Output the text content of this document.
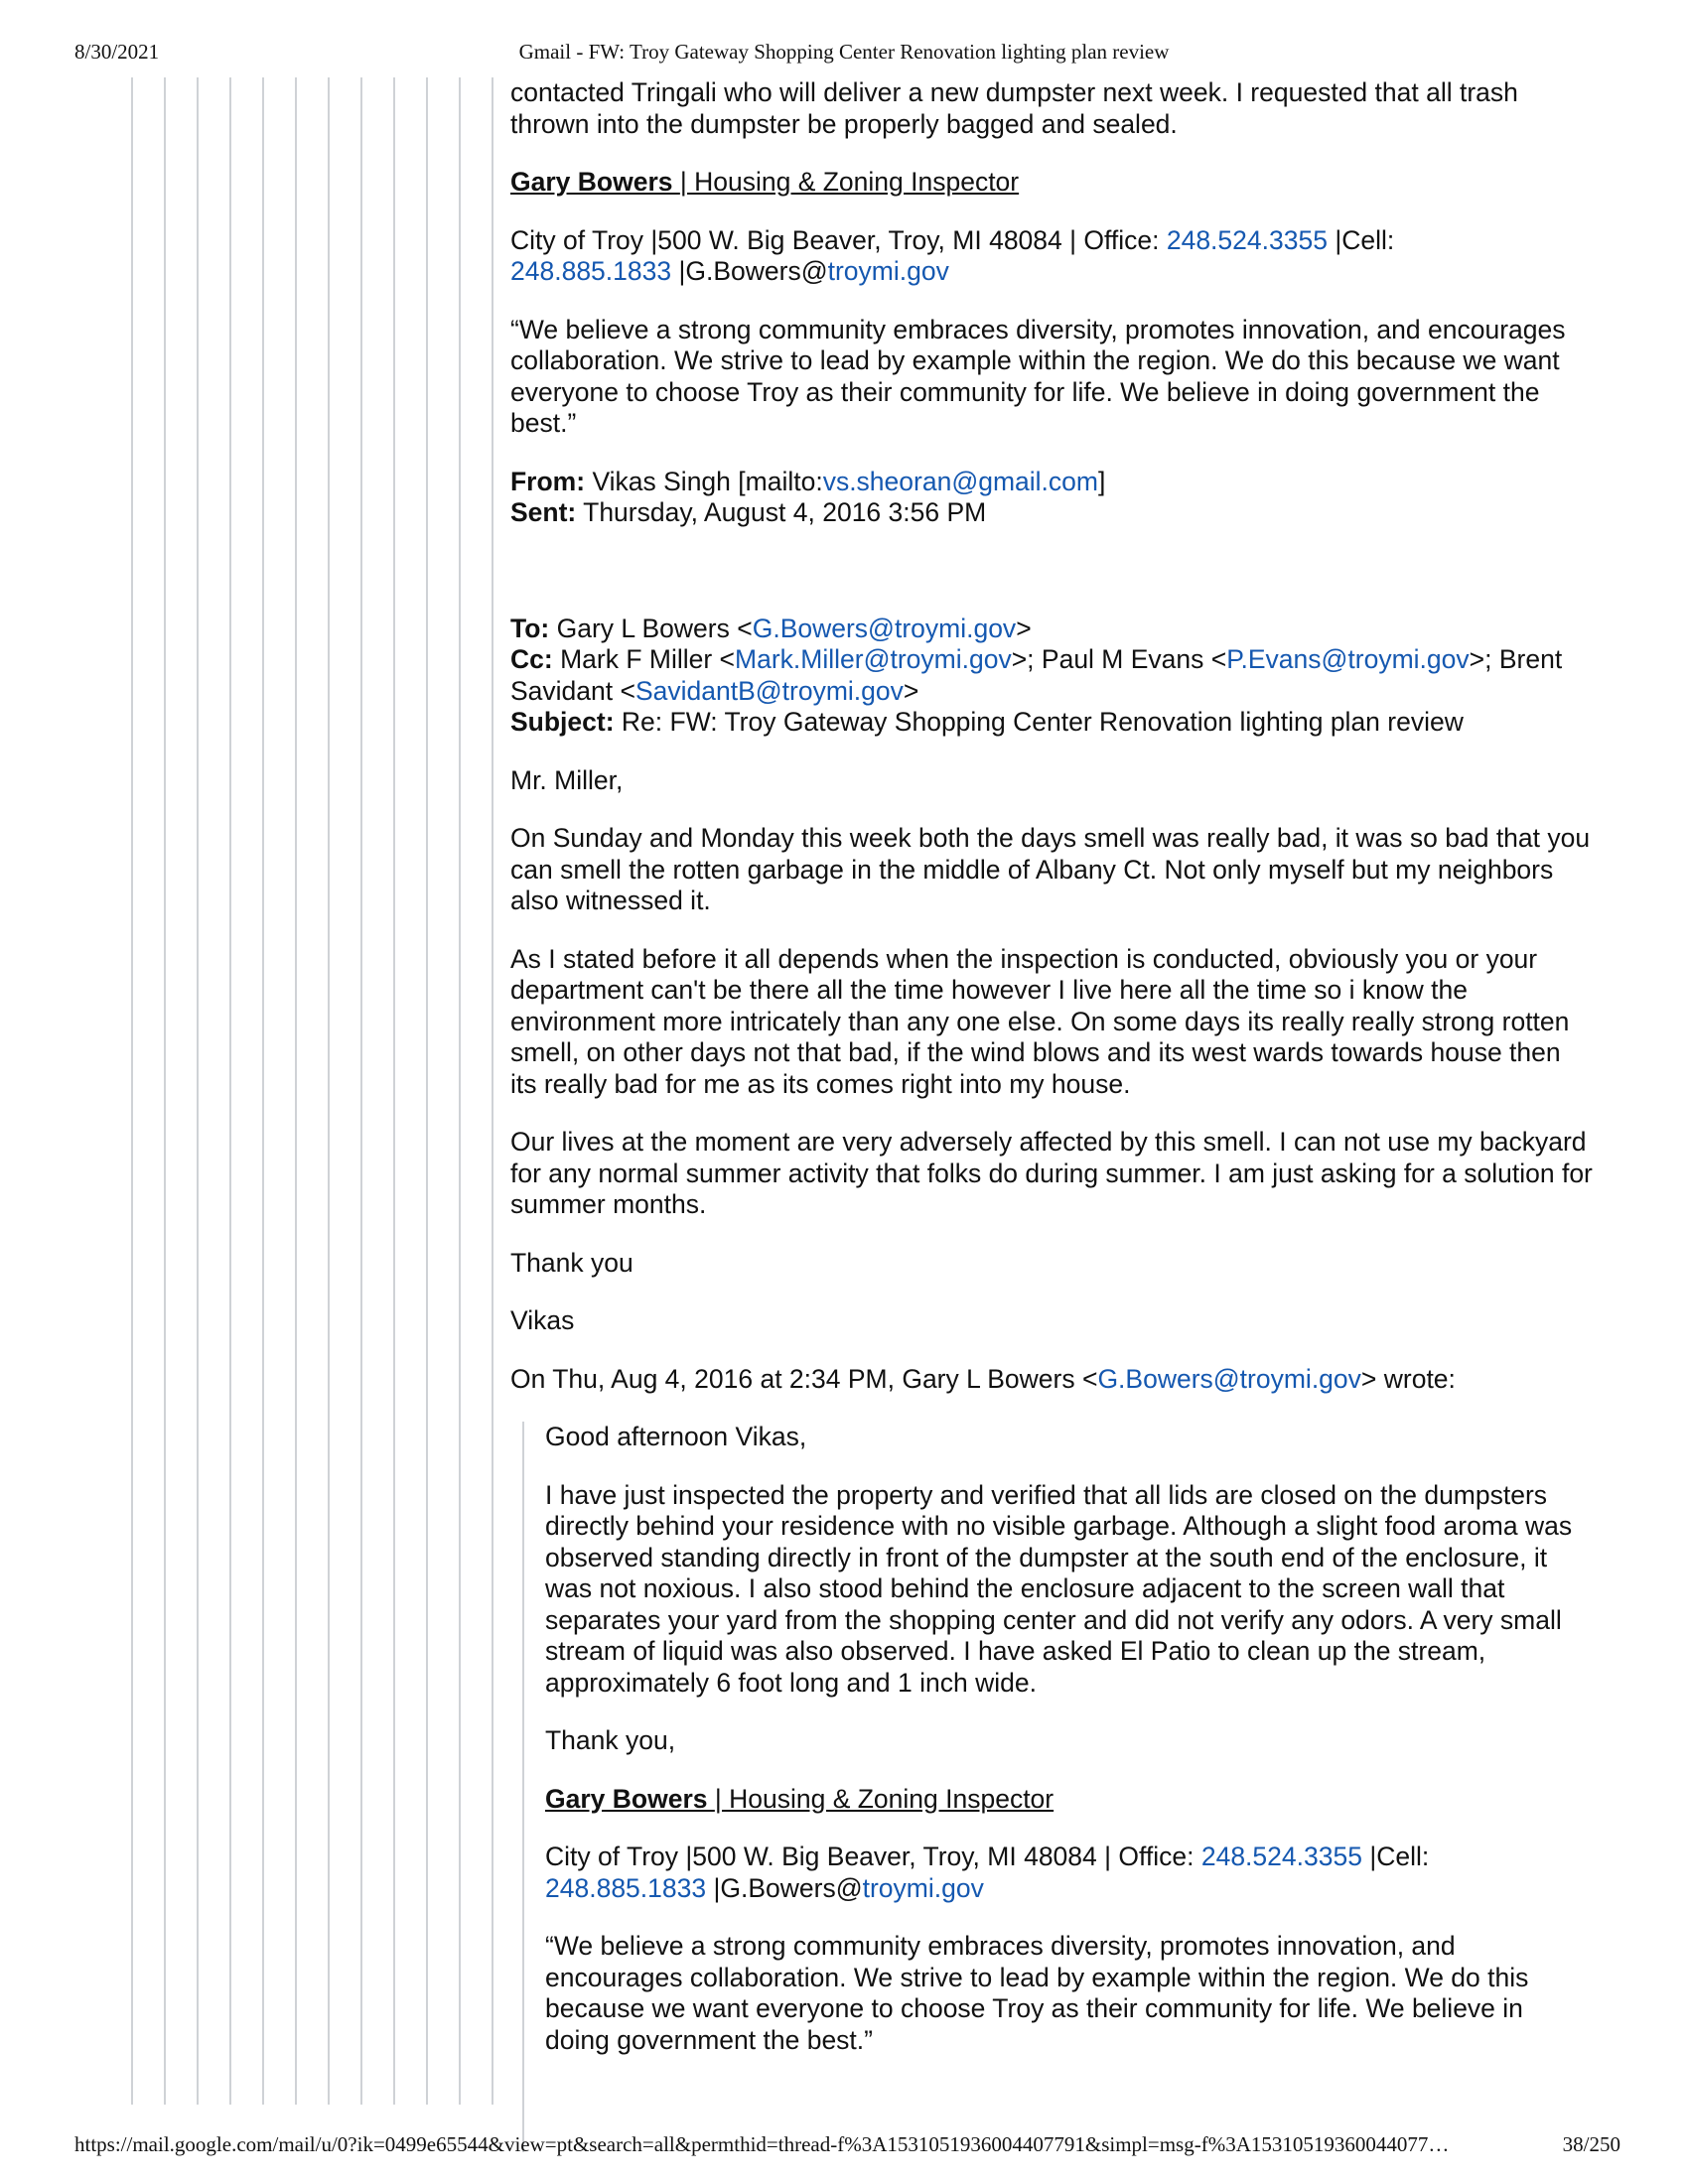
8/30/2021	Gmail - FW: Troy Gateway Shopping Center Renovation lighting plan review

contacted Tringali who will deliver a new dumpster next week. I requested that all trash thrown into the dumpster be properly bagged and sealed.

Gary Bowers | Housing & Zoning Inspector

City of Troy |500 W. Big Beaver, Troy, MI 48084 | Office: 248.524.3355 |Cell:
248.885.1833 |G.Bowers@troymi.gov

“We believe a strong community embraces diversity, promotes innovation, and encourages collaboration. We strive to lead by example within the region. We do this because we want everyone to choose Troy as their community for life. We believe in doing government the best.”

From: Vikas Singh [mailto:vs.sheoran@gmail.com]
Sent: Thursday, August 4, 2016 3:56 PM
To: Gary L Bowers <G.Bowers@troymi.gov>
Cc: Mark F Miller <Mark.Miller@troymi.gov>; Paul M Evans <P.Evans@troymi.gov>; Brent Savidant <SavidantB@troymi.gov>
Subject: Re: FW: Troy Gateway Shopping Center Renovation lighting plan review

Mr. Miller,

On Sunday and Monday this week both the days smell was really bad, it was so bad that you can smell the rotten garbage in the middle of Albany Ct. Not only myself but my neighbors also witnessed it.

As I stated before it all depends when the inspection is conducted, obviously you or your department can't be there all the time however I live here all the time so i know the environment more intricately than any one else. On some days its really really strong rotten smell, on other days not that bad, if the wind blows and its west wards towards house then its really bad for me as its comes right into my house.

Our lives at the moment are very adversely affected by this smell. I can not use my backyard for any normal summer activity that folks do during summer. I am just asking for a solution for summer months.

Thank you

Vikas

On Thu, Aug 4, 2016 at 2:34 PM, Gary L Bowers <G.Bowers@troymi.gov> wrote:

Good afternoon Vikas,

I have just inspected the property and verified that all lids are closed on the dumpsters directly behind your residence with no visible garbage. Although a slight food aroma was observed standing directly in front of the dumpster at the south end of the enclosure, it was not noxious. I also stood behind the enclosure adjacent to the screen wall that separates your yard from the shopping center and did not verify any odors. A very small stream of liquid was also observed. I have asked El Patio to clean up the stream, approximately 6 foot long and 1 inch wide.

Thank you,

Gary Bowers | Housing & Zoning Inspector

City of Troy |500 W. Big Beaver, Troy, MI 48084 | Office: 248.524.3355 |Cell:
248.885.1833 |G.Bowers@troymi.gov

“We believe a strong community embraces diversity, promotes innovation, and encourages collaboration. We strive to lead by example within the region. We do this because we want everyone to choose Troy as their community for life. We believe in doing government the best.”

https://mail.google.com/mail/u/0?ik=0499e65544&view=pt&search=all&permthid=thread-f%3A1531051936004407791&simpl=msg-f%3A15310519360044077…	38/250
